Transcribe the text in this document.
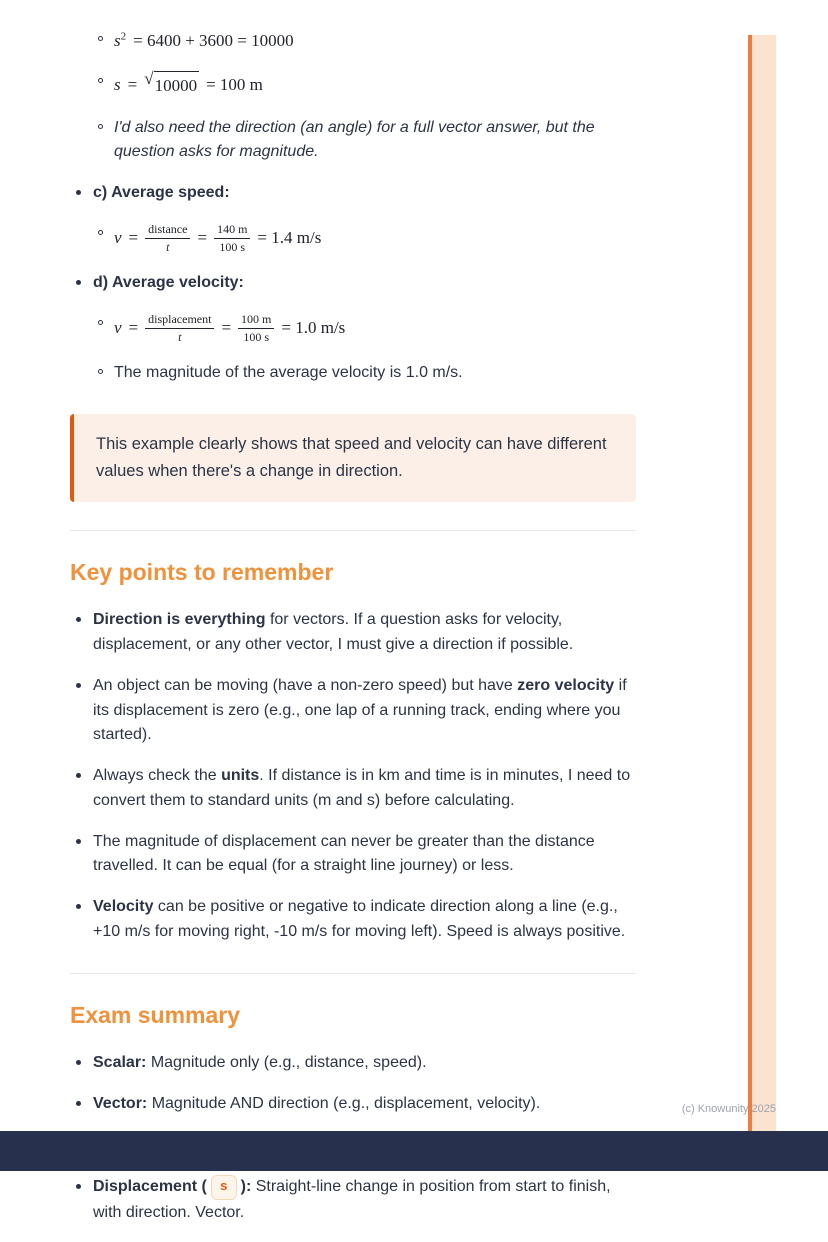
$s^2 = 6400 + 3600 = 10000$
s = √ 10000 = 100 m
I'd also need the direction (an angle) for a full vector answer, but the question asks for magnitude.
c) Average speed:
$v = \frac{\text{distance}}{t} = \frac{140 m}{100 s} = 1.4$ m/s
d) Average velocity:
$v = \frac{\text{displacement}}{t} = \frac{100 m}{100 s} = 1.0$ m/s
The magnitude of the average velocity is 1.0 m/s.
This example clearly shows that speed and velocity can have different values when there's a change in direction.
Key points to remember
Direction is everything for vectors. If a question asks for velocity, displacement, or any other vector, I must give a direction if possible.
An object can be moving (have a non-zero speed) but have zero velocity if its displacement is zero (e.g., one lap of a running track, ending where you started).
Always check the units. If distance is in km and time is in minutes, I need to convert them to standard units (m and s) before calculating.
The magnitude of displacement can never be greater than the distance travelled. It can be equal (for a straight line journey) or less.
Velocity can be positive or negative to indicate direction along a line (e.g., +10 m/s for moving right, -10 m/s for moving left). Speed is always positive.
Exam summary
Scalar: Magnitude only (e.g., distance, speed).
Vector: Magnitude AND direction (e.g., displacement, velocity).
Displacement ( s ): Straight-line change in position from start to finish, with direction. Vector.
(c) Knowunity 2025
